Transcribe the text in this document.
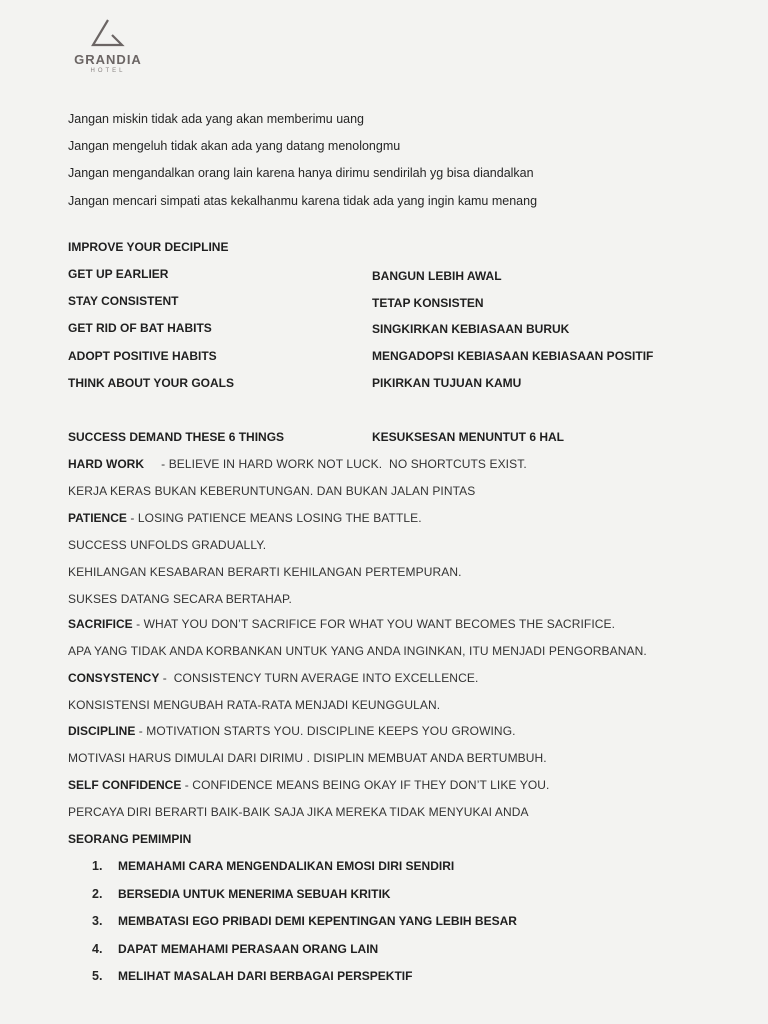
GRANDIA
HOTEL
Jangan miskin tidak ada yang akan memberimu uang
Jangan mengeluh tidak akan ada yang datang menolongmu
Jangan mengandalkan orang lain karena hanya dirimu sendirilah yg bisa diandalkan
Jangan mencari simpati atas kekalhanmu karena tidak ada yang ingin kamu menang
IMPROVE YOUR DECIPLINE
GET UP EARLIER	BANGUN LEBIH AWAL
STAY CONSISTENT	TETAP KONSISTEN
GET RID OF BAT HABITS	SINGKIRKAN KEBIASAAN BURUK
ADOPT POSITIVE HABITS	MENGADOPSI KEBIASAAN KEBIASAAN POSITIF
THINK ABOUT YOUR GOALS	PIKIRKAN TUJUAN KAMU
SUCCESS DEMAND THESE 6 THINGS	KESUKSESAN MENUNTUT 6 HAL
HARD WORK     - BELIEVE IN HARD WORK NOT LUCK.  NO SHORTCUTS EXIST.
KERJA KERAS BUKAN KEBERUNTUNGAN. DAN BUKAN JALAN PINTAS
PATIENCE - LOSING PATIENCE MEANS LOSING THE BATTLE.
SUCCESS UNFOLDS GRADUALLY.
KEHILANGAN KESABARAN BERARTI KEHILANGAN PERTEMPURAN.
SUKSES DATANG SECARA BERTAHAP.
SACRIFICE - WHAT YOU DON’T SACRIFICE FOR WHAT YOU WANT BECOMES THE SACRIFICE.
APA YANG TIDAK ANDA KORBANKAN UNTUK YANG ANDA INGINKAN, ITU MENJADI PENGORBANAN.
CONSYSTENCY -  CONSISTENCY TURN AVERAGE INTO EXCELLENCE.
KONSISTENSI MENGUBAH RATA-RATA MENJADI KEUNGGULAN.
DISCIPLINE - MOTIVATION STARTS YOU. DISCIPLINE KEEPS YOU GROWING.
MOTIVASI HARUS DIMULAI DARI DIRIMU . DISIPLIN MEMBUAT ANDA BERTUMBUH.
SELF CONFIDENCE - CONFIDENCE MEANS BEING OKAY IF THEY DON’T LIKE YOU.
PERCAYA DIRI BERARTI BAIK-BAIK SAJA JIKA MEREKA TIDAK MENYUKAI ANDA
SEORANG PEMIMPIN
1. MEMAHAMI CARA MENGENDALIKAN EMOSI DIRI SENDIRI
2. BERSEDIA UNTUK MENERIMA SEBUAH KRITIK
3. MEMBATASI EGO PRIBADI DEMI KEPENTINGAN YANG LEBIH BESAR
4. DAPAT MEMAHAMI PERASAAN ORANG LAIN
5. MELIHAT MASALAH DARI BERBAGAI PERSPEKTIF
